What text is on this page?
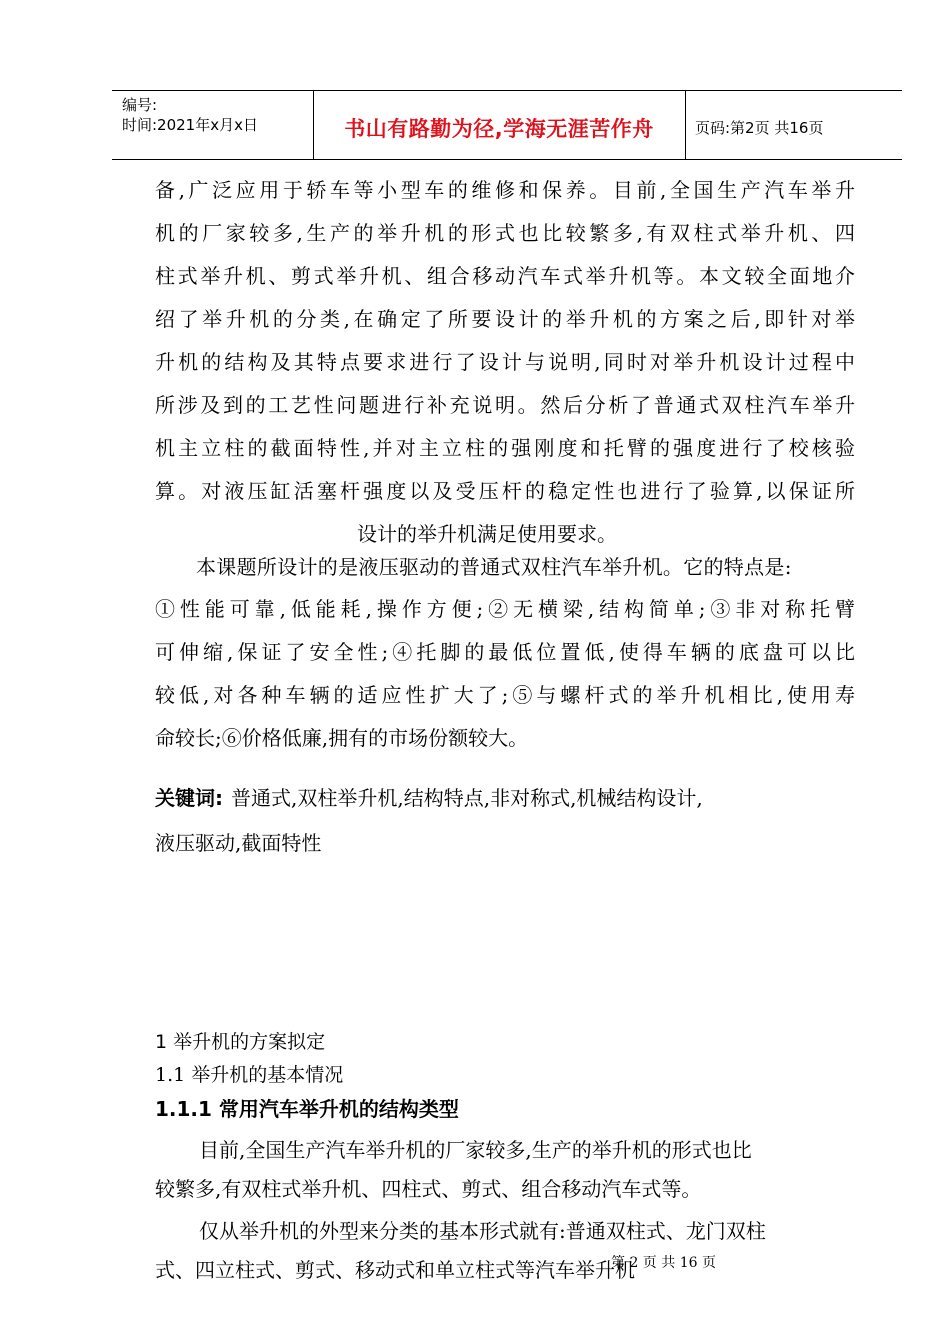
编号:
时间:2021年x月x日	书山有路勤为径,学海无涯苦作舟	页码:第2页 共16页
备,广泛应用于轿车等小型车的维修和保养。目前,全国生产汽车举升
机的厂家较多,生产的举升机的形式也比较繁多,有双柱式举升机、四
柱式举升机、剪式举升机、组合移动汽车式举升机等。本文较全面地介
绍了举升机的分类,在确定了所要设计的举升机的方案之后,即针对举
升机的结构及其特点要求进行了设计与说明,同时对举升机设计过程中
所涉及到的工艺性问题进行补充说明。然后分析了普通式双柱汽车举升
机主立柱的截面特性,并对主立柱的强刚度和托臂的强度进行了校核验
算。对液压缸活塞杆强度以及受压杆的稳定性也进行了验算,以保证所
设计的举升机满足使用要求。
本课题所设计的是液压驱动的普通式双柱汽车举升机。它的特点是:
①性能可靠,低能耗,操作方便;②无横梁,结构简单;③非对称托臂
可伸缩,保证了安全性;④托脚的最低位置低,使得车辆的底盘可以比
较低,对各种车辆的适应性扩大了;⑤与螺杆式的举升机相比,使用寿
命较长;⑥价格低廉,拥有的市场份额较大。
关键词: 普通式,双柱举升机,结构特点,非对称式,机械结构设计,
液压驱动,截面特性
1 举升机的方案拟定
1.1 举升机的基本情况
1.1.1 常用汽车举升机的结构类型
目前,全国生产汽车举升机的厂家较多,生产的举升机的形式也比
较繁多,有双柱式举升机、四柱式、剪式、组合移动汽车式等。
仅从举升机的外型来分类的基本形式就有:普通双柱式、龙门双柱
式、四立柱式、剪式、移动式和单立柱式等汽车举升机
第 2 页 共 16 页
